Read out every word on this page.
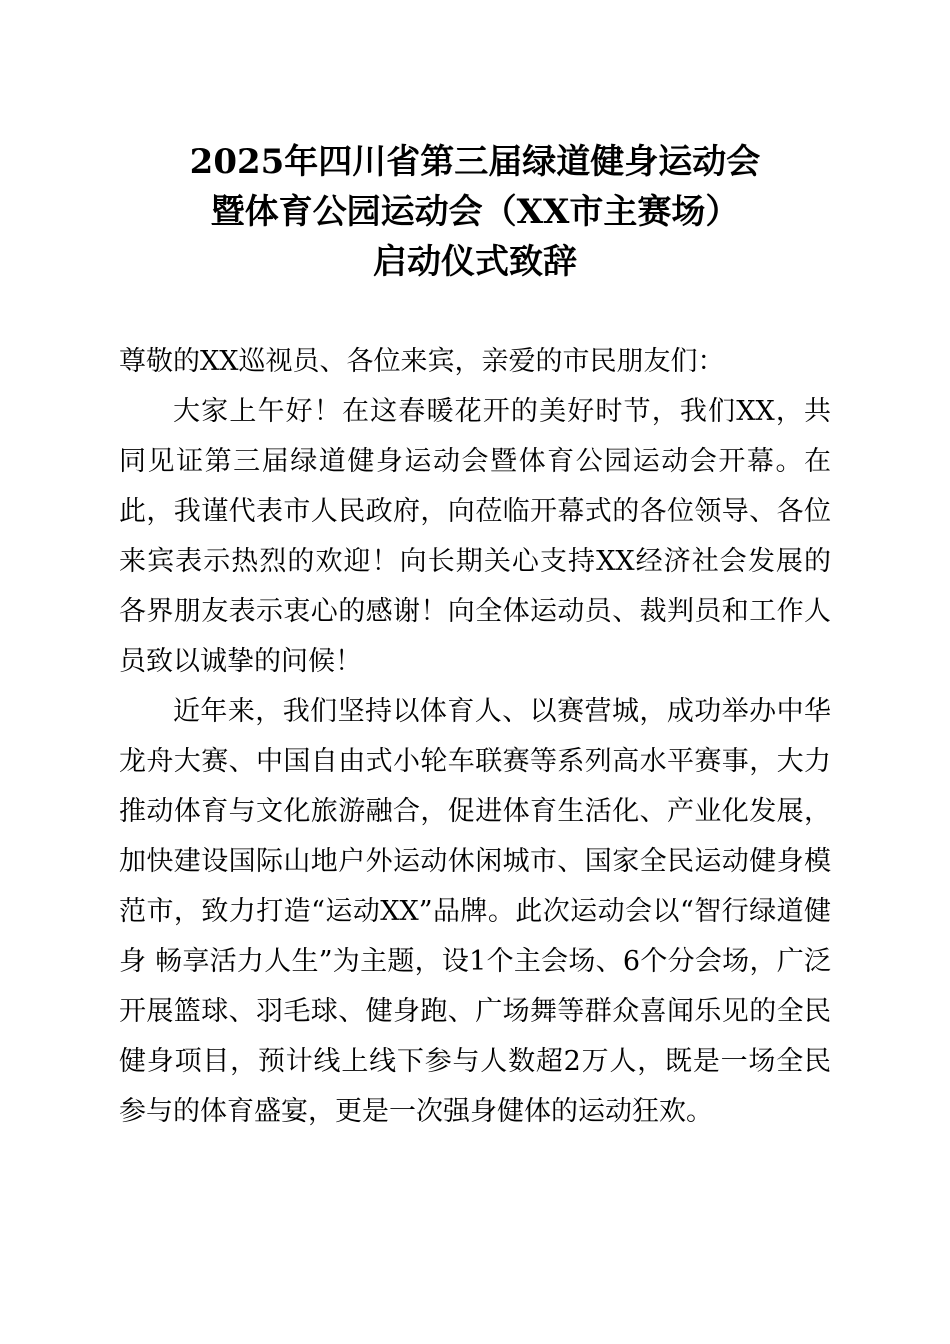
2025年四川省第三届绿道健身运动会
暨体育公园运动会（XX市主赛场）
启动仪式致辞

尊敬的XX巡视员、各位来宾，亲爱的市民朋友们：

大家上午好！在这春暖花开的美好时节，我们XX，共同见证第三届绿道健身运动会暨体育公园运动会开幕。在此，我谨代表市人民政府，向莅临开幕式的各位领导、各位来宾表示热烈的欢迎！向长期关心支持XX经济社会发展的各界朋友表示衷心的感谢！向全体运动员、裁判员和工作人员致以诚挚的问候！

近年来，我们坚持以体育人、以赛营城，成功举办中华龙舟大赛、中国自由式小轮车联赛等系列高水平赛事，大力推动体育与文化旅游融合，促进体育生活化、产业化发展，加快建设国际山地户外运动休闲城市、国家全民运动健身模范市，致力打造“运动XX”品牌。此次运动会以“智行绿道健身 畅享活力人生”为主题，设1个主会场、6个分会场，广泛开展篮球、羽毛球、健身跑、广场舞等群众喜闻乐见的全民健身项目，预计线上线下参与人数超2万人，既是一场全民参与的体育盛宴，更是一次强身健体的运动狂欢。
